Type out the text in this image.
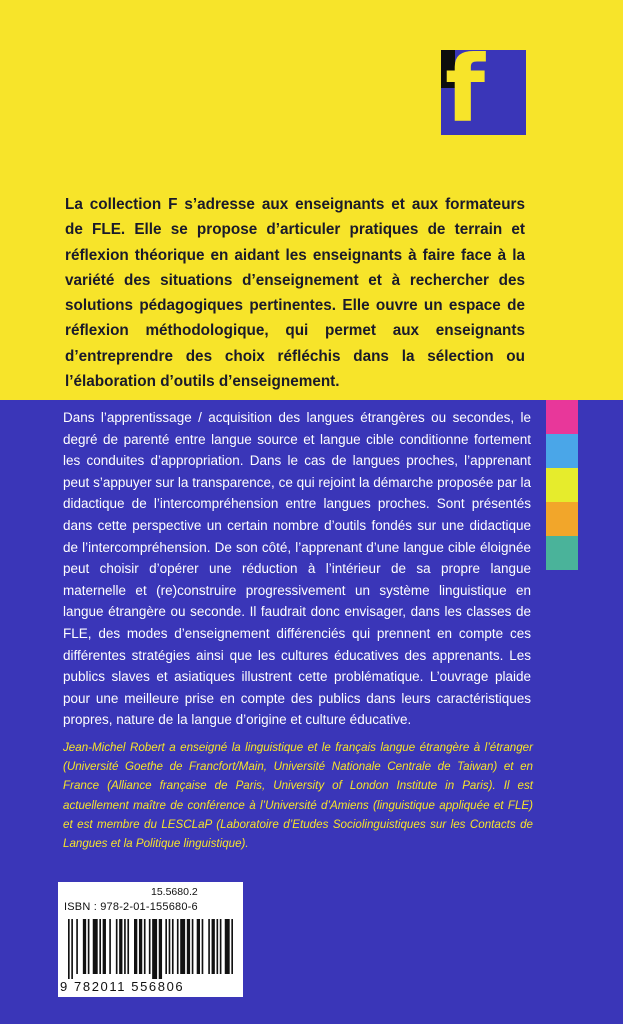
f

La collection F s’adresse aux enseignants et aux formateurs de FLE. Elle se propose d’articuler pratiques de terrain et réflexion théorique en aidant les enseignants à faire face à la variété des situations d’enseignement et à rechercher des solutions pédagogiques pertinentes. Elle ouvre un espace de réflexion méthodologique, qui permet aux enseignants d’entreprendre des choix réfléchis dans la sélection ou l’élaboration d’outils d’enseignement.

Dans l’apprentissage / acquisition des langues étrangères ou secondes, le degré de parenté entre langue source et langue cible conditionne fortement les conduites d’appropriation. Dans le cas de langues proches, l’apprenant peut s’appuyer sur la transparence, ce qui rejoint la démarche proposée par la didactique de l’intercompréhension entre langues proches. Sont présentés dans cette perspective un certain nombre d’outils fondés sur une didactique de l’intercompréhension. De son côté, l’apprenant d’une langue cible éloignée peut choisir d’opérer une réduction à l’intérieur de sa propre langue maternelle et (re)construire progressivement un système linguistique en langue étrangère ou seconde. Il faudrait donc envisager, dans les classes de FLE, des modes d’enseignement différenciés qui prennent en compte ces différentes stratégies ainsi que les cultures éducatives des apprenants. Les publics slaves et asiatiques illustrent cette problématique. L’ouvrage plaide pour une meilleure prise en compte des publics dans leurs caractéristiques propres, nature de la langue d’origine et culture éducative.

Jean-Michel Robert a enseigné la linguistique et le français langue étrangère à l’étranger (Université Goethe de Francfort/Main, Université Nationale Centrale de Taiwan) et en France (Alliance française de Paris, University of London Institute in Paris). Il est actuellement maître de conférence à l’Université d’Amiens (linguistique appliquée et FLE) et est membre du LESCLaP (Laboratoire d’Etudes Sociolinguistiques sur les Contacts de Langues et la Politique linguistique).

15.5680.2
ISBN : 978-2-01-155680-6
9 782011 556806
